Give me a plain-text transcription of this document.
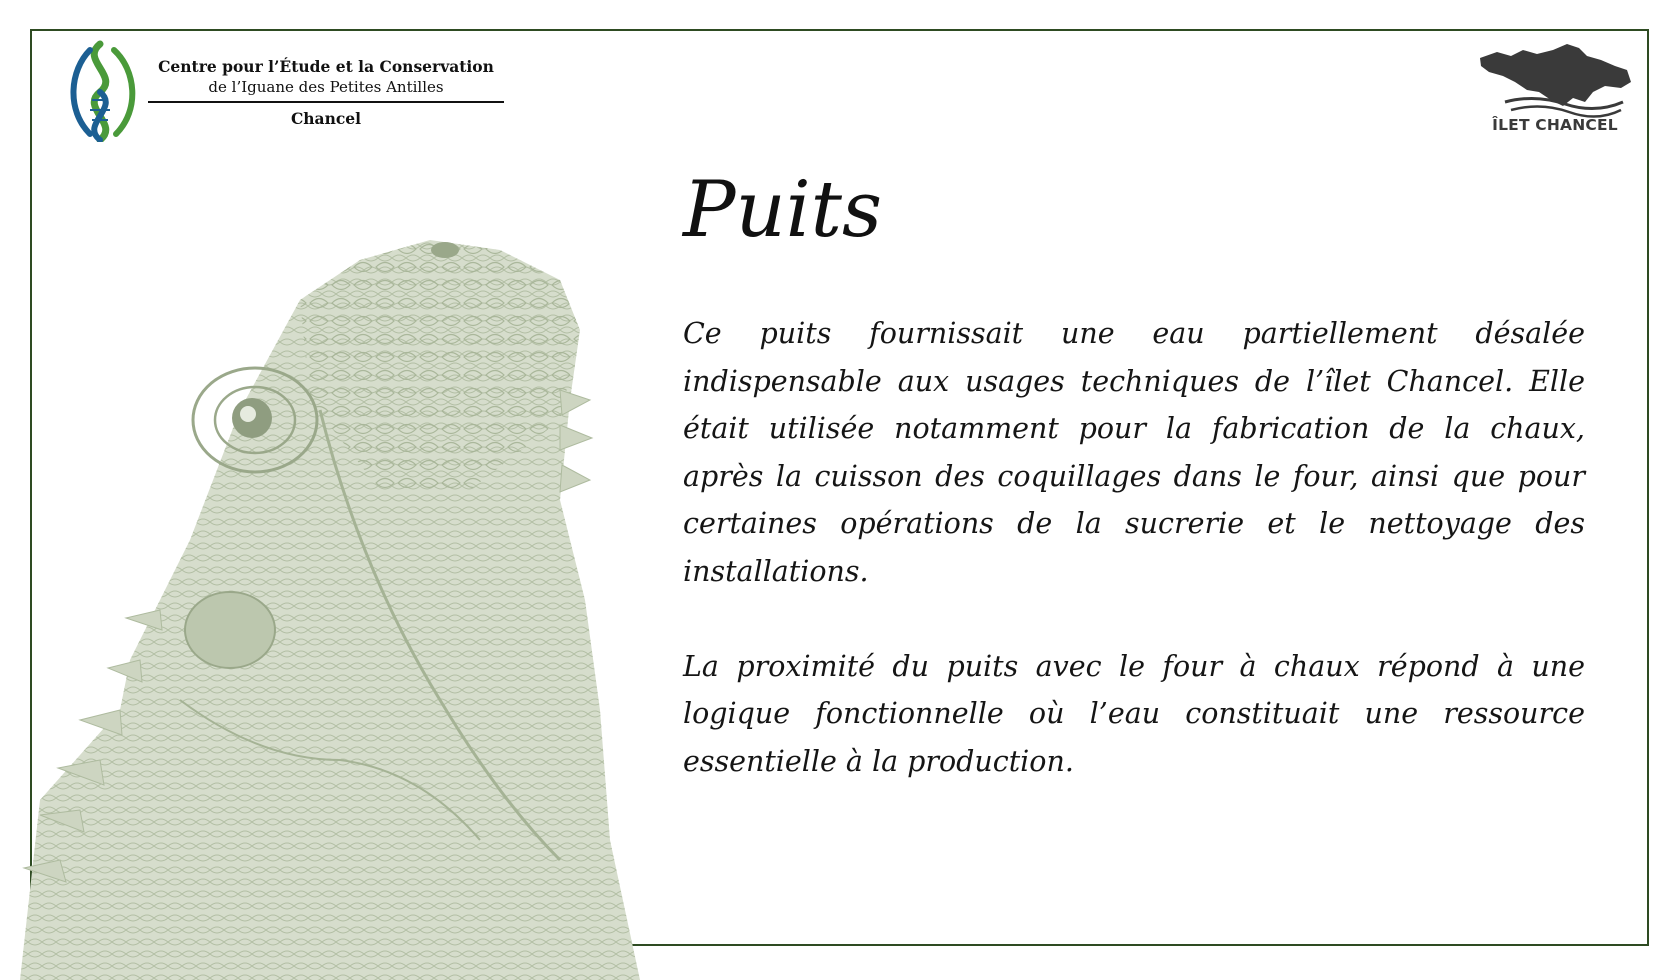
Centre pour l’Étude et la Conservation
de l’Iguane des Petites Antilles
Chancel	ÎLET CHANCEL
Puits

Ce puits fournissait une eau partiellement désalée indispensable aux usages techniques de l’îlet Chancel. Elle était utilisée notamment pour la fabrication de la chaux, après la cuisson des coquillages dans le four, ainsi que pour certaines opérations de la sucrerie et le nettoyage des installations.

La proximité du puits avec le four à chaux répond à une logique fonctionnelle où l’eau constituait une ressource essentielle à la production.
